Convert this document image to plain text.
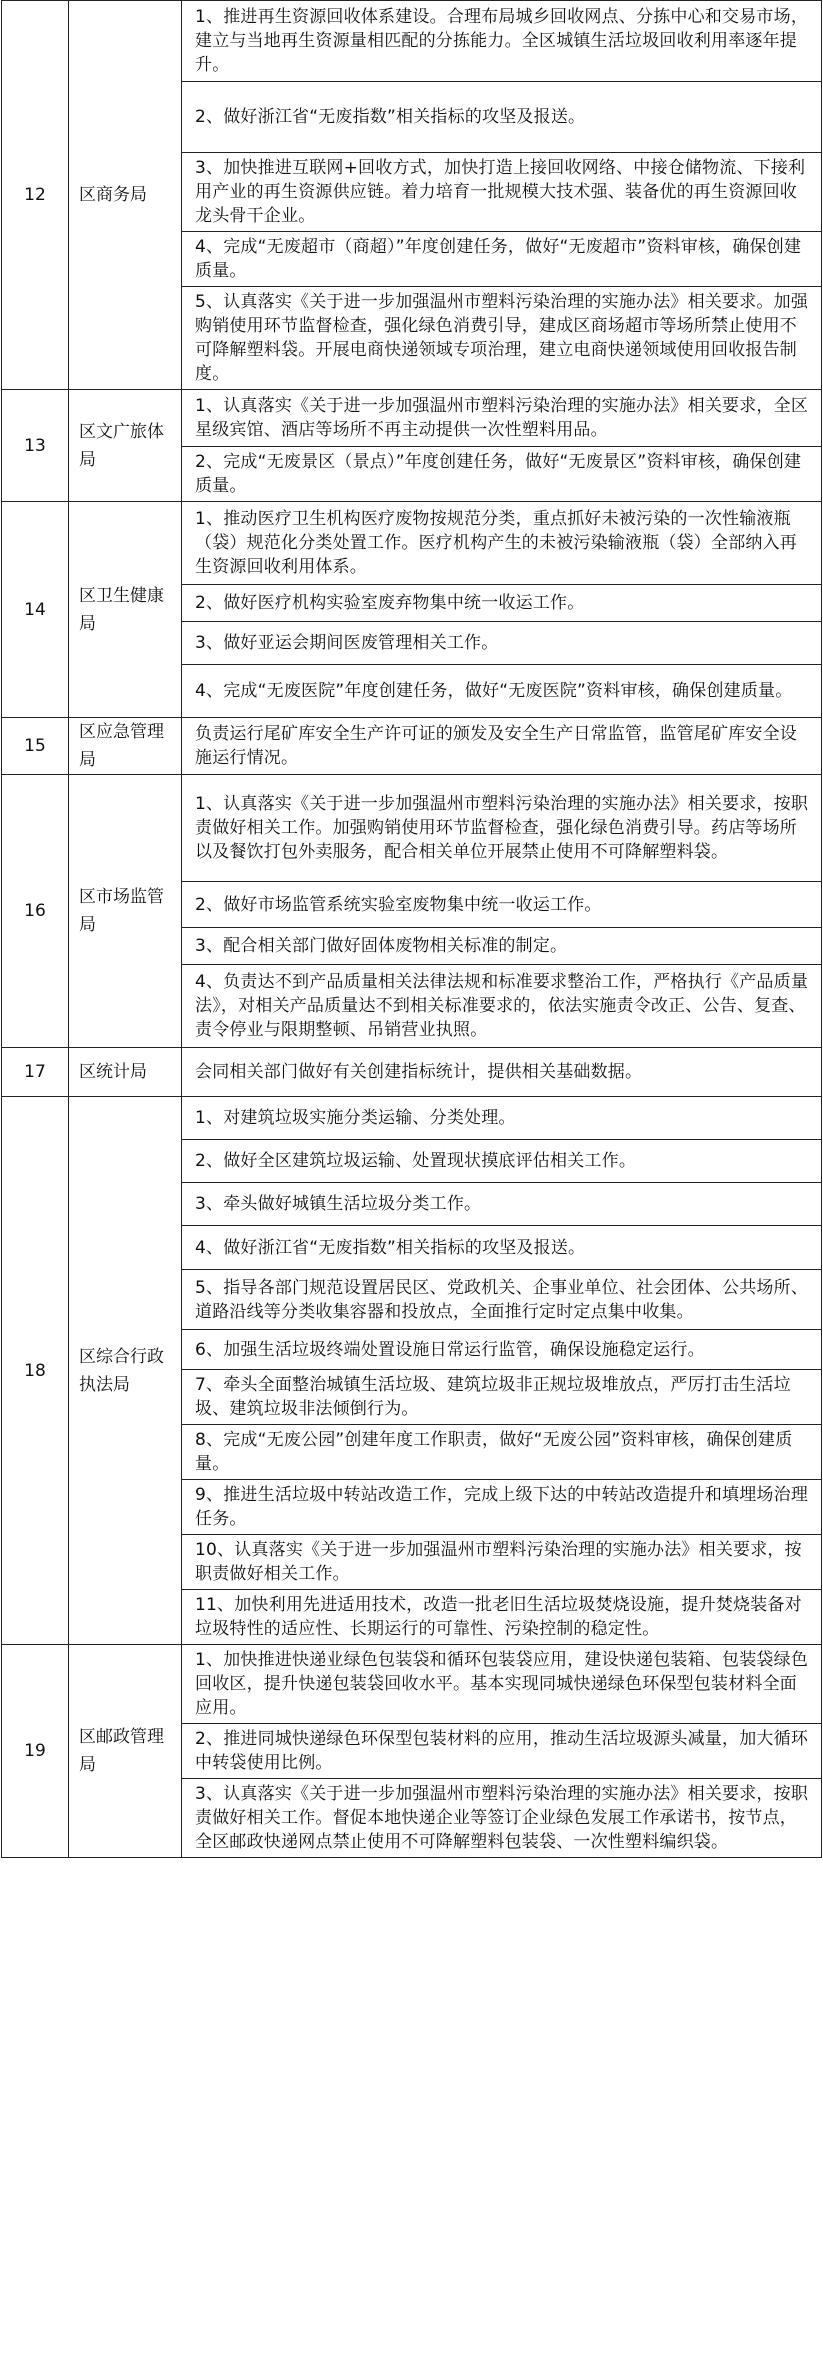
12	区商务局	1、推进再生资源回收体系建设。合理布局城乡回收网点、分拣中心和交易市场，建立与当地再生资源量相匹配的分拣能力。全区城镇生活垃圾回收利用率逐年提升。
		2、做好浙江省“无废指数”相关指标的攻坚及报送。
		3、加快推进互联网+回收方式，加快打造上接回收网络、中接仓储物流、下接利用产业的再生资源供应链。着力培育一批规模大技术强、装备优的再生资源回收龙头骨干企业。
		4、完成“无废超市（商超）”年度创建任务，做好“无废超市”资料审核，确保创建质量。
		5、认真落实《关于进一步加强温州市塑料污染治理的实施办法》相关要求。加强购销使用环节监督检查，强化绿色消费引导，建成区商场超市等场所禁止使用不可降解塑料袋。开展电商快递领域专项治理，建立电商快递领域使用回收报告制度。
13	区文广旅体局	1、认真落实《关于进一步加强温州市塑料污染治理的实施办法》相关要求，全区星级宾馆、酒店等场所不再主动提供一次性塑料用品。
		2、完成“无废景区（景点）”年度创建任务，做好“无废景区”资料审核，确保创建质量。
14	区卫生健康局	1、推动医疗卫生机构医疗废物按规范分类，重点抓好未被污染的一次性输液瓶（袋）规范化分类处置工作。医疗机构产生的未被污染输液瓶（袋）全部纳入再生资源回收利用体系。
		2、做好医疗机构实验室废弃物集中统一收运工作。
		3、做好亚运会期间医废管理相关工作。
		4、完成“无废医院”年度创建任务，做好“无废医院”资料审核，确保创建质量。
15	区应急管理局	负责运行尾矿库安全生产许可证的颁发及安全生产日常监管，监管尾矿库安全设施运行情况。
16	区市场监管局	1、认真落实《关于进一步加强温州市塑料污染治理的实施办法》相关要求，按职责做好相关工作。加强购销使用环节监督检查，强化绿色消费引导。药店等场所以及餐饮打包外卖服务，配合相关单位开展禁止使用不可降解塑料袋。
		2、做好市场监管系统实验室废物集中统一收运工作。
		3、配合相关部门做好固体废物相关标准的制定。
		4、负责达不到产品质量相关法律法规和标准要求整治工作，严格执行《产品质量法》，对相关产品质量达不到相关标准要求的，依法实施责令改正、公告、复查、责令停业与限期整顿、吊销营业执照。
17	区统计局	会同相关部门做好有关创建指标统计，提供相关基础数据。
18	区综合行政执法局	1、对建筑垃圾实施分类运输、分类处理。
		2、做好全区建筑垃圾运输、处置现状摸底评估相关工作。
		3、牵头做好城镇生活垃圾分类工作。
		4、做好浙江省“无废指数”相关指标的攻坚及报送。
		5、指导各部门规范设置居民区、党政机关、企事业单位、社会团体、公共场所、道路沿线等分类收集容器和投放点，全面推行定时定点集中收集。
		6、加强生活垃圾终端处置设施日常运行监管，确保设施稳定运行。
		7、牵头全面整治城镇生活垃圾、建筑垃圾非正规垃圾堆放点，严厉打击生活垃圾、建筑垃圾非法倾倒行为。
		8、完成“无废公园”创建年度工作职责，做好“无废公园”资料审核，确保创建质量。
		9、推进生活垃圾中转站改造工作，完成上级下达的中转站改造提升和填埋场治理任务。
		10、认真落实《关于进一步加强温州市塑料污染治理的实施办法》相关要求，按职责做好相关工作。
		11、加快利用先进适用技术，改造一批老旧生活垃圾焚烧设施，提升焚烧装备对垃圾特性的适应性、长期运行的可靠性、污染控制的稳定性。
19	区邮政管理局	1、加快推进快递业绿色包装袋和循环包装袋应用，建设快递包装箱、包装袋绿色回收区，提升快递包装袋回收水平。基本实现同城快递绿色环保型包装材料全面应用。
		2、推进同城快递绿色环保型包装材料的应用，推动生活垃圾源头减量，加大循环中转袋使用比例。
		3、认真落实《关于进一步加强温州市塑料污染治理的实施办法》相关要求，按职责做好相关工作。督促本地快递企业等签订企业绿色发展工作承诺书，按节点，全区邮政快递网点禁止使用不可降解塑料包装袋、一次性塑料编织袋。
